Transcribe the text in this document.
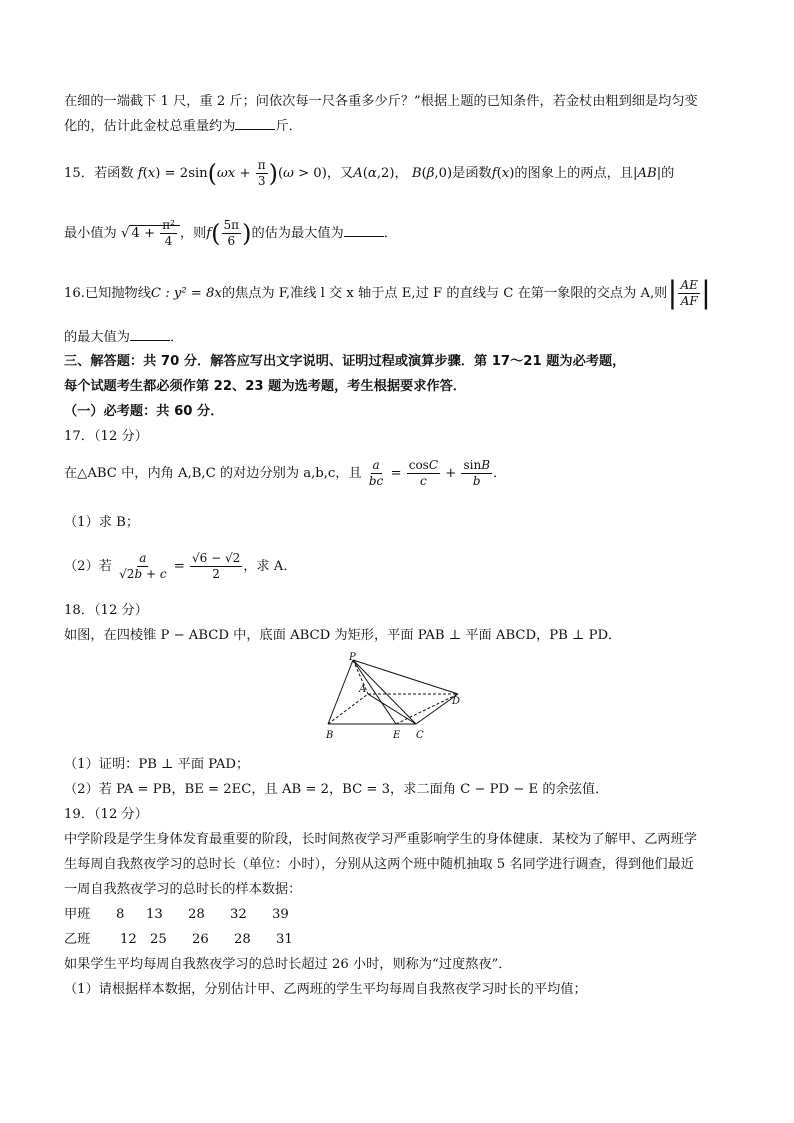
在细的一端截下 1 尺，重 2 斤；问依次每一尺各重多少斤？”根据上题的已知条件，若金杖由粗到细是均匀变
化的，估计此金杖总重量约为	斤．
15．若函数 $f(x) = 2\sin(\omega x + \frac{\pi}{3} )(\omega > 0)$，又A(α,2)， B(β,0)是函数f(x)的图象上的两点，且|AB|的
最小值为 √ $4 + \frac{\text{π²}}{4}$ ，则$f( \frac{5\pi}{6}$ )的估为最大值为	．
16.已知抛物线C : y² = 8x的焦点为 F,准线 l 交 x 轴于点 E,过 F 的直线与 C 在第一象限的交点为 A,则| $\frac{AE}{AF}$ |
的最大值为	．
三、解答题：共 70 分．解答应写出文字说明、证明过程或演算步骤．第 17～21 题为必考题，
每个试题考生都必须作第 22、23 题为选考题，考生根据要求作答．
（一）必考题：共 60 分．
17．（12 分）
在△ABC 中，内角 A,B,C 的对边分别为 a,b,c，且 $\frac{a}{bc} = \frac{\cos C}{c} + \frac{\sin B}{b}$ ．
（1）求 B；
（2）若 $\frac{a}{√2b + c} = \frac{√6 - √2}{2}$ ，求 A．
18．（12 分）
如图，在四棱锥 P − ABCD 中，底面 ABCD 为矩形，平面 PAB ⊥ 平面 ABCD，PB ⊥ PD．
P
A
D
B	E C
（1）证明：PB ⊥ 平面 PAD；
（2）若 PA = PB，BE = 2EC，且 AB = 2，BC = 3，求二面角 C − PD − E 的余弦值．
19．（12 分）
中学阶段是学生身体发育最重要的阶段，长时间熬夜学习严重影响学生的身体健康．某校为了解甲、乙两班学
生每周自我熬夜学习的总时长（单位：小时），分别从这两个班中随机抽取 5 名同学进行调查，得到他们最近
一周自我熬夜学习的总时长的样本数据：
甲班 8 13 28 32 39
乙班 12 25 26 28 31
如果学生平均每周自我熬夜学习的总时长超过 26 小时，则称为“过度熬夜”．
（1）请根据样本数据，分别估计甲、乙两班的学生平均每周自我熬夜学习时长的平均值；
